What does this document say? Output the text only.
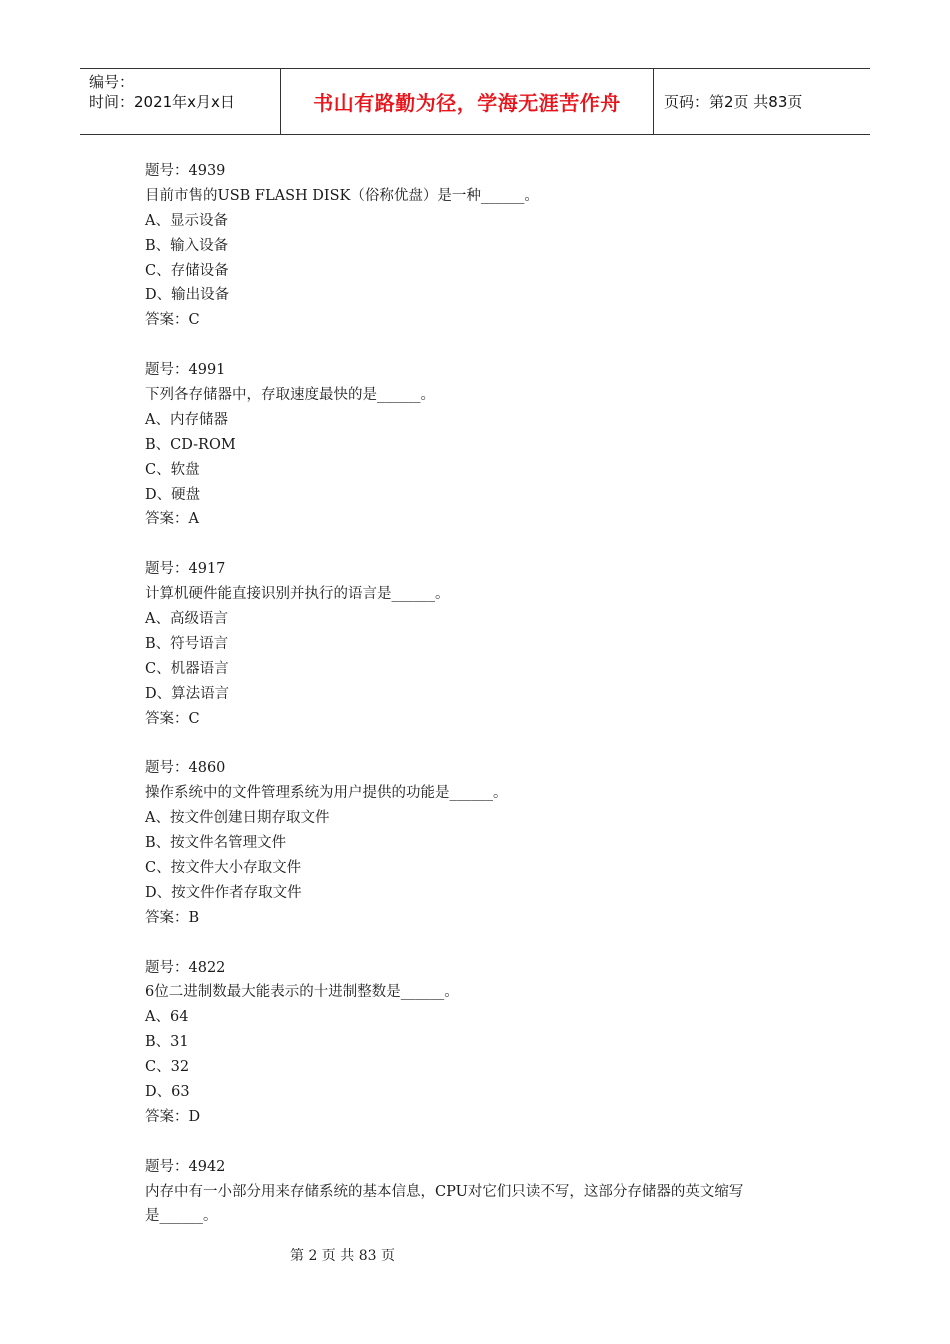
编号：
时间：2021年x月x日	书山有路勤为径，学海无涯苦作舟	页码：第2页 共83页
题号：4939
目前市售的USB FLASH DISK（俗称优盘）是一种______。
A、显示设备
B、输入设备
C、存储设备
D、输出设备
答案：C
题号：4991
下列各存储器中，存取速度最快的是______。
A、内存储器
B、CD-ROM
C、软盘
D、硬盘
答案：A
题号：4917
计算机硬件能直接识别并执行的语言是______。
A、高级语言
B、符号语言
C、机器语言
D、算法语言
答案：C
题号：4860
操作系统中的文件管理系统为用户提供的功能是______。
A、按文件创建日期存取文件
B、按文件名管理文件
C、按文件大小存取文件
D、按文件作者存取文件
答案：B
题号：4822
6位二进制数最大能表示的十进制整数是______。
A、64
B、31
C、32
D、63
答案：D
题号：4942
内存中有一小部分用来存储系统的基本信息，CPU对它们只读不写，这部分存储器的英文缩写
是______。
第 2 页 共 83 页
